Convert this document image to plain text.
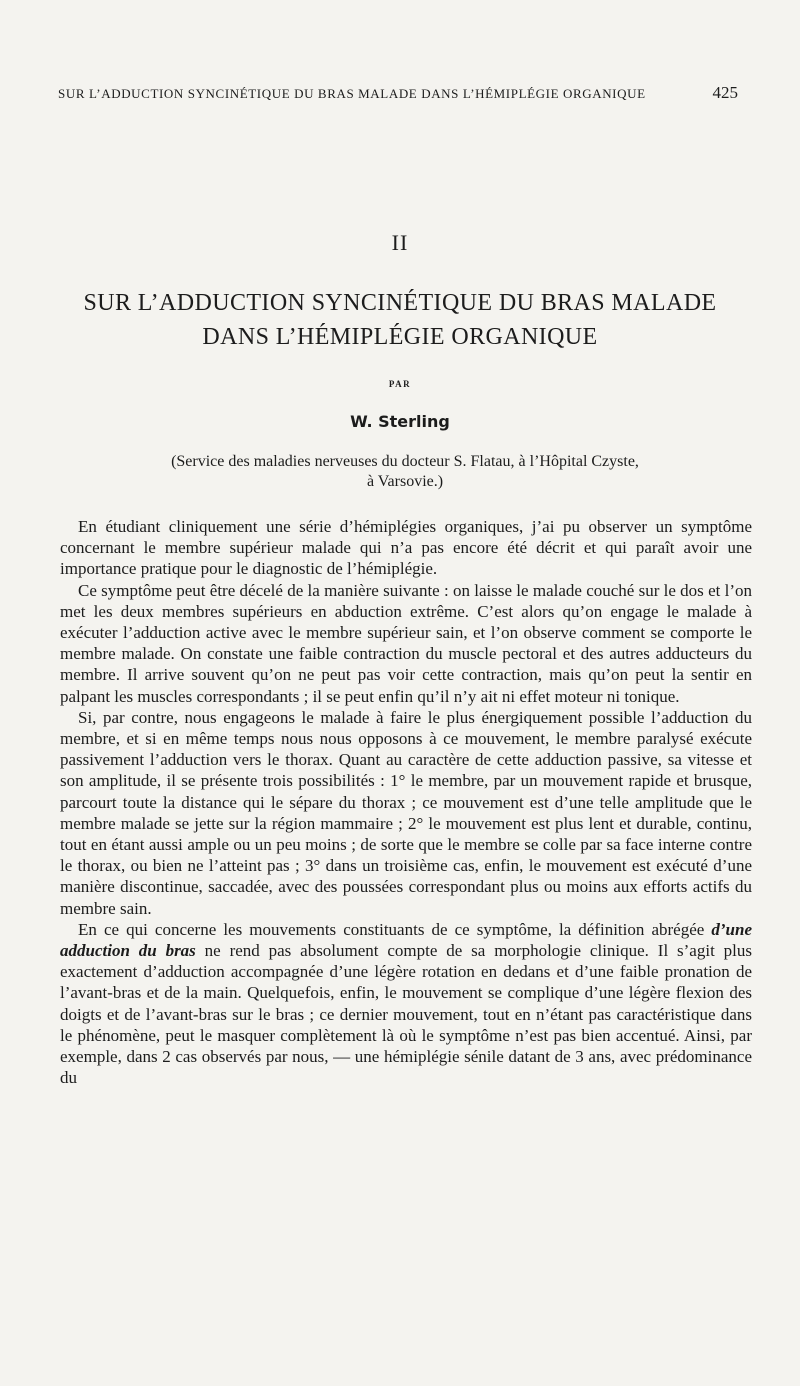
SUR L’ADDUCTION SYNCINÉTIQUE DU BRAS MALADE DANS L’HÉMIPLÉGIE ORGANIQUE	425
II
SUR L’ADDUCTION SYNCINÉTIQUE DU BRAS MALADE
DANS L’HÉMIPLÉGIE ORGANIQUE
PAR
W. Sterling
(Service des maladies nerveuses du docteur S. Flatau, à l’Hôpital Czyste,
à Varsovie.)

En étudiant cliniquement une série d’hémiplégies organiques, j’ai pu observer un symptôme concernant le membre supérieur malade qui n’a pas encore été décrit et qui paraît avoir une importance pratique pour le diagnostic de l’hémiplégie.

Ce symptôme peut être décelé de la manière suivante : on laisse le malade couché sur le dos et l’on met les deux membres supérieurs en abduction extrême. C’est alors qu’on engage le malade à exécuter l’adduction active avec le membre supérieur sain, et l’on observe comment se comporte le membre malade. On constate une faible contraction du muscle pectoral et des autres adducteurs du membre. Il arrive souvent qu’on ne peut pas voir cette contraction, mais qu’on peut la sentir en palpant les muscles correspondants ; il se peut enfin qu’il n’y ait ni effet moteur ni tonique.

Si, par contre, nous engageons le malade à faire le plus énergiquement possible l’adduction du membre, et si en même temps nous nous opposons à ce mouvement, le membre paralysé exécute passivement l’adduction vers le thorax. Quant au caractère de cette adduction passive, sa vitesse et son amplitude, il se présente trois possibilités : 1° le membre, par un mouvement rapide et brusque, parcourt toute la distance qui le sépare du thorax ; ce mouvement est d’une telle amplitude que le membre malade se jette sur la région mammaire ; 2° le mouvement est plus lent et durable, continu, tout en étant aussi ample ou un peu moins ; de sorte que le membre se colle par sa face interne contre le thorax, ou bien ne l’atteint pas ; 3° dans un troisième cas, enfin, le mouvement est exécuté d’une manière discontinue, saccadée, avec des poussées correspondant plus ou moins aux efforts actifs du membre sain.

En ce qui concerne les mouvements constituants de ce symptôme, la définition abrégée d’une adduction du bras ne rend pas absolument compte de sa morphologie clinique. Il s’agit plus exactement d’adduction accompagnée d’une légère rotation en dedans et d’une faible pronation de l’avant-bras et de la main. Quelquefois, enfin, le mouvement se complique d’une légère flexion des doigts et de l’avant-bras sur le bras ; ce dernier mouvement, tout en n’étant pas caractéristique dans le phénomène, peut le masquer complètement là où le symptôme n’est pas bien accentué. Ainsi, par exemple, dans 2 cas observés par nous, — une hémiplégie sénile datant de 3 ans, avec prédominance du
